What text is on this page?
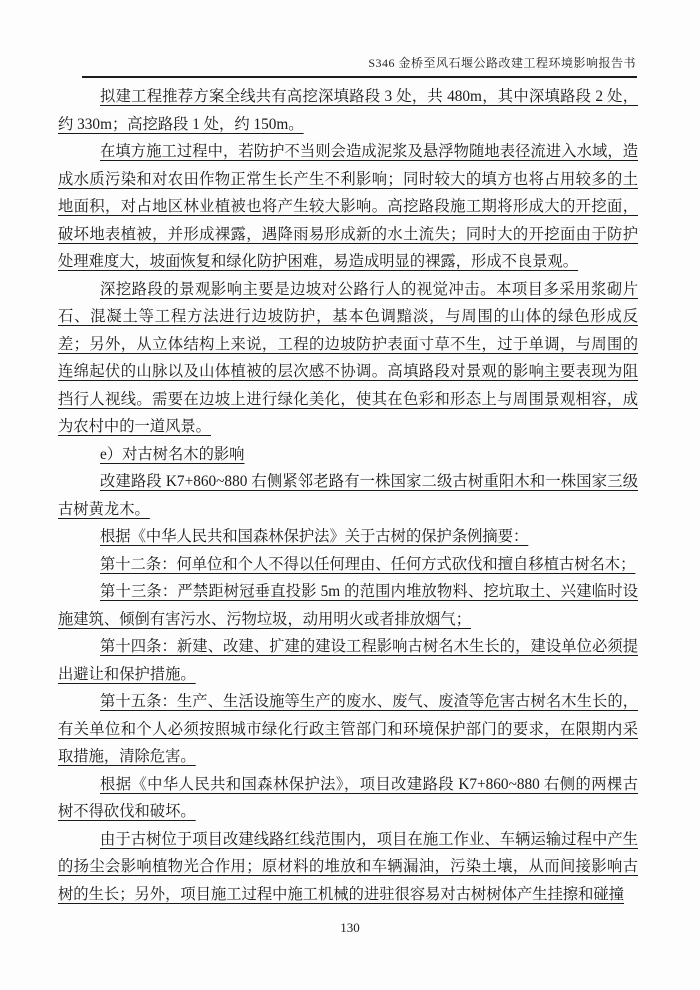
S346 金桥至风石堰公路改建工程环境影响报告书

拟建工程推荐方案全线共有高挖深填路段 3 处，共 480m，其中深填路段 2 处，约 330m；高挖路段 1 处，约 150m。

在填方施工过程中，若防护不当则会造成泥浆及悬浮物随地表径流进入水域，造成水质污染和对农田作物正常生长产生不利影响；同时较大的填方也将占用较多的土地面积，对占地区林业植被也将产生较大影响。高挖路段施工期将形成大的开挖面，破坏地表植被，并形成裸露，遇降雨易形成新的水土流失；同时大的开挖面由于防护处理难度大，坡面恢复和绿化防护困难，易造成明显的裸露，形成不良景观。

深挖路段的景观影响主要是边坡对公路行人的视觉冲击。本项目多采用浆砌片石、混凝土等工程方法进行边坡防护，基本色调黯淡，与周围的山体的绿色形成反差；另外，从立体结构上来说，工程的边坡防护表面寸草不生，过于单调，与周围的连绵起伏的山脉以及山体植被的层次感不协调。高填路段对景观的影响主要表现为阻挡行人视线。需要在边坡上进行绿化美化，使其在色彩和形态上与周围景观相容，成为农村中的一道风景。

e）对古树名木的影响

改建路段 K7+860~880 右侧紧邻老路有一株国家二级古树重阳木和一株国家三级古树黄龙木。

根据《中华人民共和国森林保护法》关于古树的保护条例摘要：

第十二条：何单位和个人不得以任何理由、任何方式砍伐和擅自移植古树名木；

第十三条：严禁距树冠垂直投影 5m 的范围内堆放物料、挖坑取土、兴建临时设施建筑、倾倒有害污水、污物垃圾，动用明火或者排放烟气；

第十四条：新建、改建、扩建的建设工程影响古树名木生长的，建设单位必须提出避让和保护措施。

第十五条：生产、生活设施等生产的废水、废气、废渣等危害古树名木生长的，有关单位和个人必须按照城市绿化行政主管部门和环境保护部门的要求，在限期内采取措施，清除危害。

根据《中华人民共和国森林保护法》，项目改建路段 K7+860~880 右侧的两棵古树不得砍伐和破坏。

由于古树位于项目改建线路红线范围内，项目在施工作业、车辆运输过程中产生的扬尘会影响植物光合作用；原材料的堆放和车辆漏油，污染土壤，从而间接影响古树的生长；另外，项目施工过程中施工机械的进驻很容易对古树树体产生挂擦和碰撞

130
